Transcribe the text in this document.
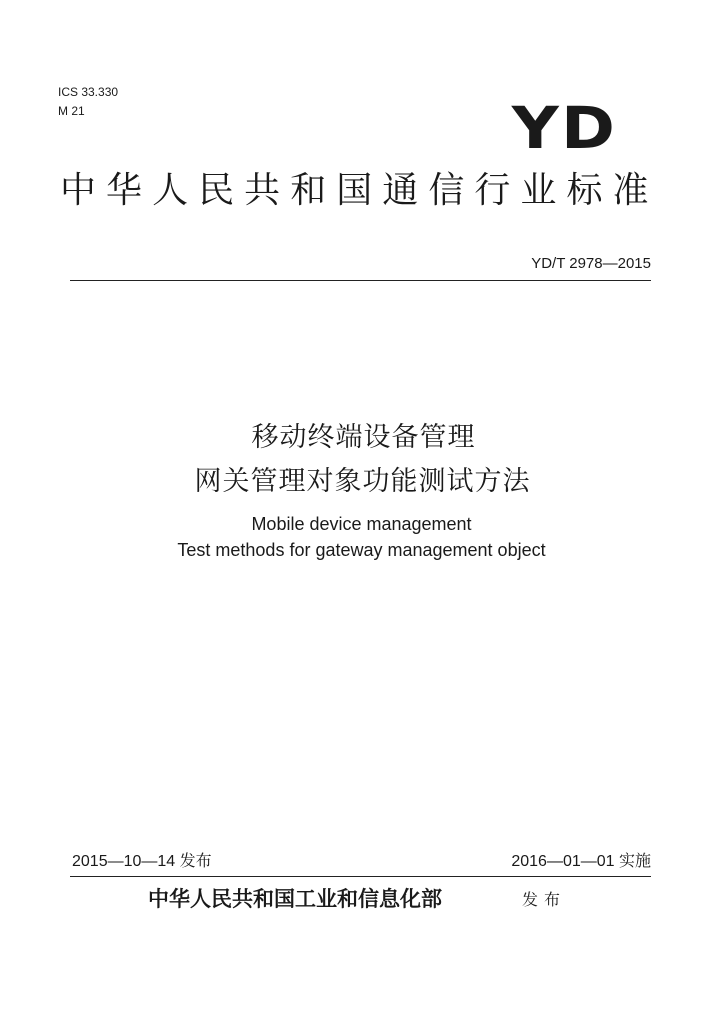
ICS 33.330
M 21	YD
中华人民共和国通信行业标准
YD/T 2978—2015
移动终端设备管理
网关管理对象功能测试方法
Mobile device management
Test methods for gateway management object
2015—10—14 发布	2016—01—01 实施
中华人民共和国工业和信息化部	发布
